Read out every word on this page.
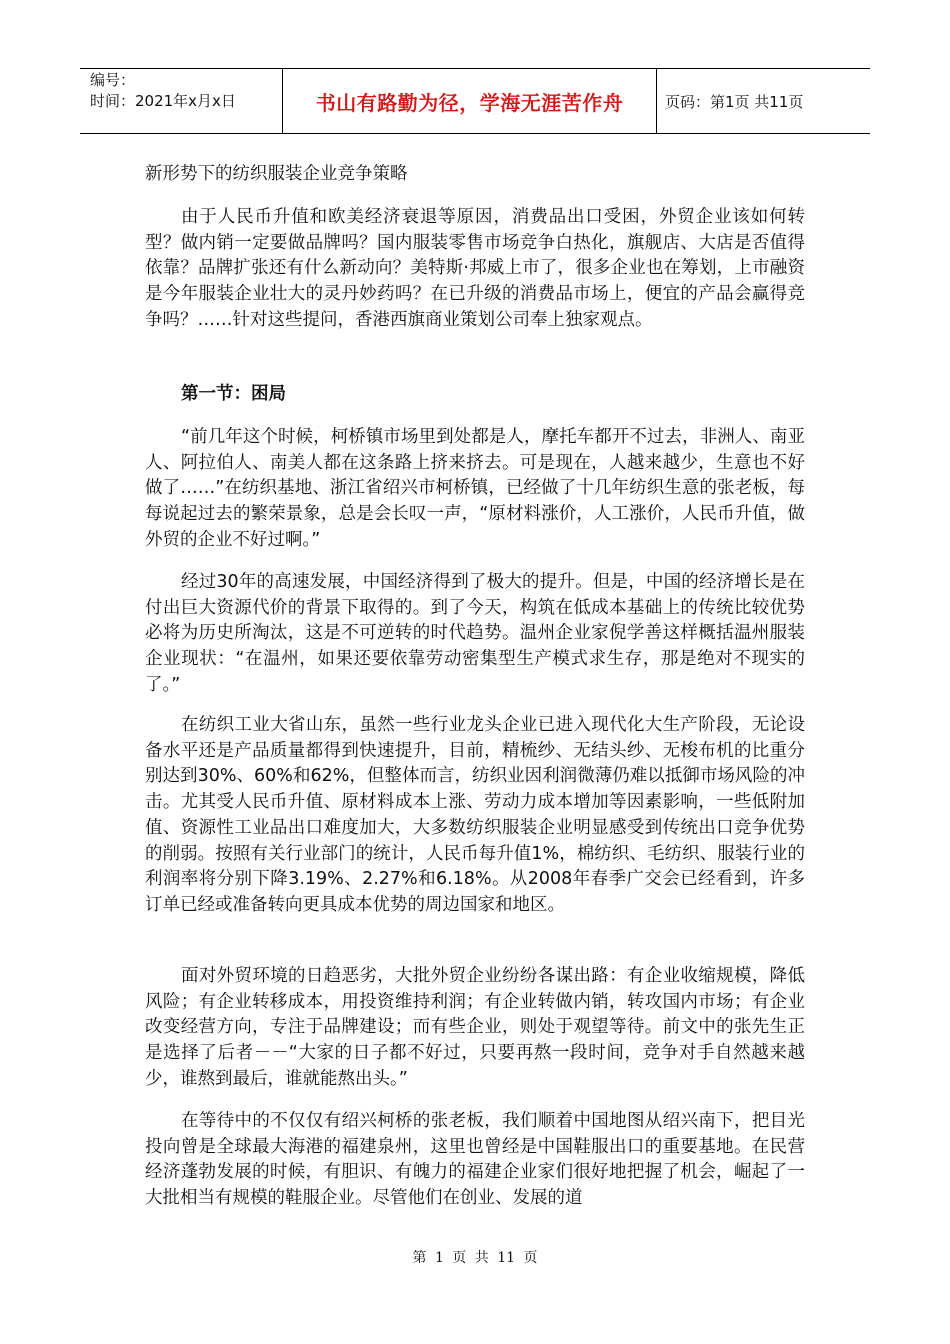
编号：
时间：2021年x月x日	书山有路勤为径，学海无涯苦作舟	页码：第1页 共11页
新形势下的纺织服装企业竞争策略

由于人民币升值和欧美经济衰退等原因，消费品出口受困，外贸企业该如何转型？做内销一定要做品牌吗？国内服装零售市场竞争白热化，旗舰店、大店是否值得依靠？品牌扩张还有什么新动向？美特斯·邦威上市了，很多企业也在筹划，上市融资是今年服装企业壮大的灵丹妙药吗？在已升级的消费品市场上，便宜的产品会赢得竞争吗？……针对这些提问，香港西旗商业策划公司奉上独家观点。

第一节：困局

“前几年这个时候，柯桥镇市场里到处都是人，摩托车都开不过去，非洲人、南亚人、阿拉伯人、南美人都在这条路上挤来挤去。可是现在，人越来越少，生意也不好做了……”在纺织基地、浙江省绍兴市柯桥镇，已经做了十几年纺织生意的张老板，每每说起过去的繁荣景象，总是会长叹一声，“原材料涨价，人工涨价，人民币升值，做外贸的企业不好过啊。”

经过30年的高速发展，中国经济得到了极大的提升。但是，中国的经济增长是在付出巨大资源代价的背景下取得的。到了今天，构筑在低成本基础上的传统比较优势必将为历史所淘汰，这是不可逆转的时代趋势。温州企业家倪学善这样概括温州服装企业现状：“在温州，如果还要依靠劳动密集型生产模式求生存，那是绝对不现实的了。”

在纺织工业大省山东，虽然一些行业龙头企业已进入现代化大生产阶段，无论设备水平还是产品质量都得到快速提升，目前，精梳纱、无结头纱、无梭布机的比重分别达到30%、60%和62%，但整体而言，纺织业因利润微薄仍难以抵御市场风险的冲击。尤其受人民币升值、原材料成本上涨、劳动力成本增加等因素影响，一些低附加值、资源性工业品出口难度加大，大多数纺织服装企业明显感受到传统出口竞争优势的削弱。按照有关行业部门的统计，人民币每升值1%，棉纺织、毛纺织、服装行业的利润率将分别下降3.19%、2.27%和6.18%。从2008年春季广交会已经看到，许多订单已经或准备转向更具成本优势的周边国家和地区。

面对外贸环境的日趋恶劣，大批外贸企业纷纷各谋出路：有企业收缩规模，降低风险；有企业转移成本，用投资维持利润；有企业转做内销，转攻国内市场；有企业改变经营方向，专注于品牌建设；而有些企业，则处于观望等待。前文中的张先生正是选择了后者－－“大家的日子都不好过，只要再熬一段时间，竞争对手自然越来越少，谁熬到最后，谁就能熬出头。”

在等待中的不仅仅有绍兴柯桥的张老板，我们顺着中国地图从绍兴南下，把目光投向曾是全球最大海港的福建泉州，这里也曾经是中国鞋服出口的重要基地。在民营经济蓬勃发展的时候，有胆识、有魄力的福建企业家们很好地把握了机会，崛起了一大批相当有规模的鞋服企业。尽管他们在创业、发展的道

第 1 页 共 11 页
